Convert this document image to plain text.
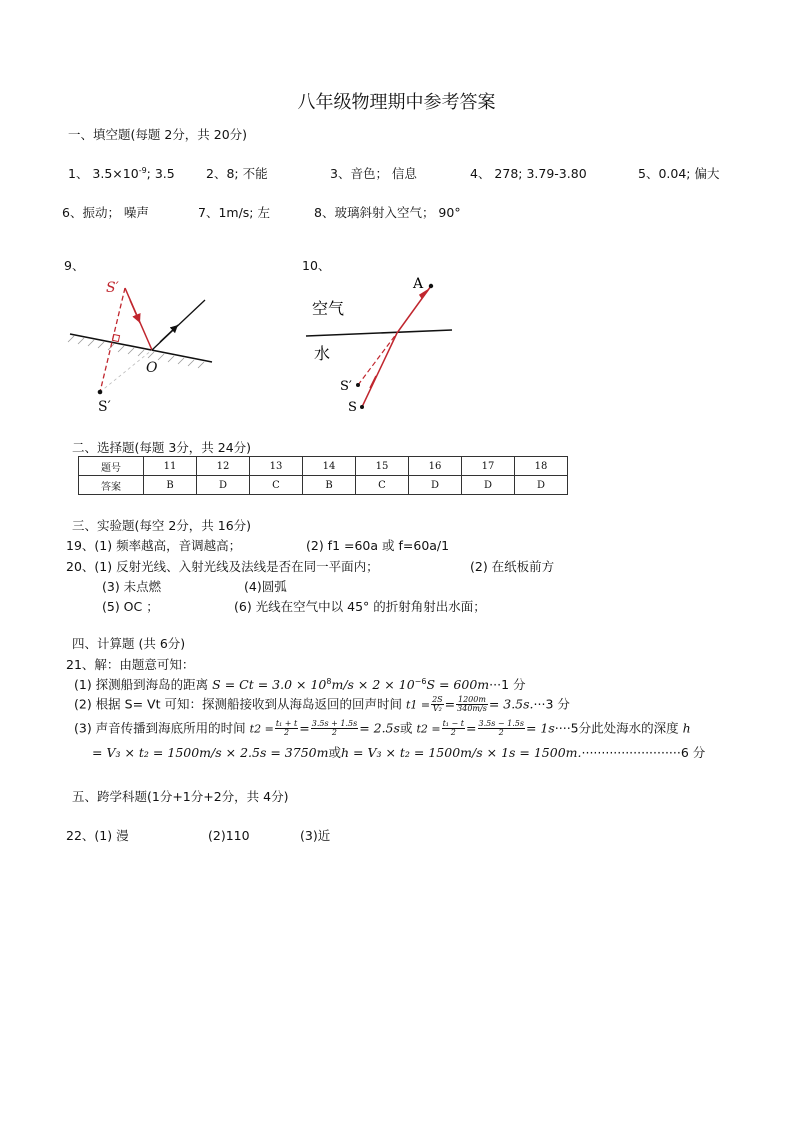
八年级物理期中参考答案
一、填空题(每题 2分，共 20分)
1、 $3.5\times 10^{-9}$; 3.5	2、8; 不能	3、音色； 信息	4、 278; 3.79-3.80	5、0.04; 偏大
6、振动； 噪声	7、1m/s; 左	8、玻璃斜射入空气； 90°
9、	10、
S′
S′
O
A
空气
水
S′
S
二、选择题(每题 3分，共 24分)
题号	11	12	13	14	15	16	17	18
答案	B	D	C	B	C	D	D	D
三、实验题(每空 2分，共 16分)
19、(1) 频率越高，音调越高；	(2) f1 =60a 或 f=60a/1
20、(1) 反射光线、入射光线及法线是否在同一平面内；	(2) 在纸板前方
(3) 未点燃	(4)圆弧
(5) OC ；	(6) 光线在空气中以 45° 的折射角射出水面；
四、计算题 (共 6分)
21、解：由题意可知：
(1) 探测船到海岛的距离 $S = Ct = 3.0 \times 10^8m/s \times 2 \times 10^{-6}S = 600m\cdot\cdot\cdot 1$ 分
(2) 根据 S= Vt 可知：探测船接收到从海岛返回的回声时间 $t1 = \frac{2S}{\text{V₂}} = \frac{1200m}{340m/s} = 3.5s.\cdot\cdot\cdot 3$ 分
(3) 声音传播到海底所用的时间 $t2 = \frac{\text{t₁ + t}}{2} = \frac{3.5s + 1.5s}{2} = 2.5s$或 $t2 = \frac{\text{t₁ − t}}{2} = \frac{3.5s - 1.5s}{2} = 1s\cdot\cdot\cdot\cdot 5$分此处海水的深度 h
= V₃ × t₂ = 1500m/s × 2.5s = 3750m或h = V₃ × t₂ = 1500m/s × 1s = 1500m.·························6 分
五、跨学科题(1分+1分+2分，共 4分)
22、(1) 漫	(2)110	(3)近
